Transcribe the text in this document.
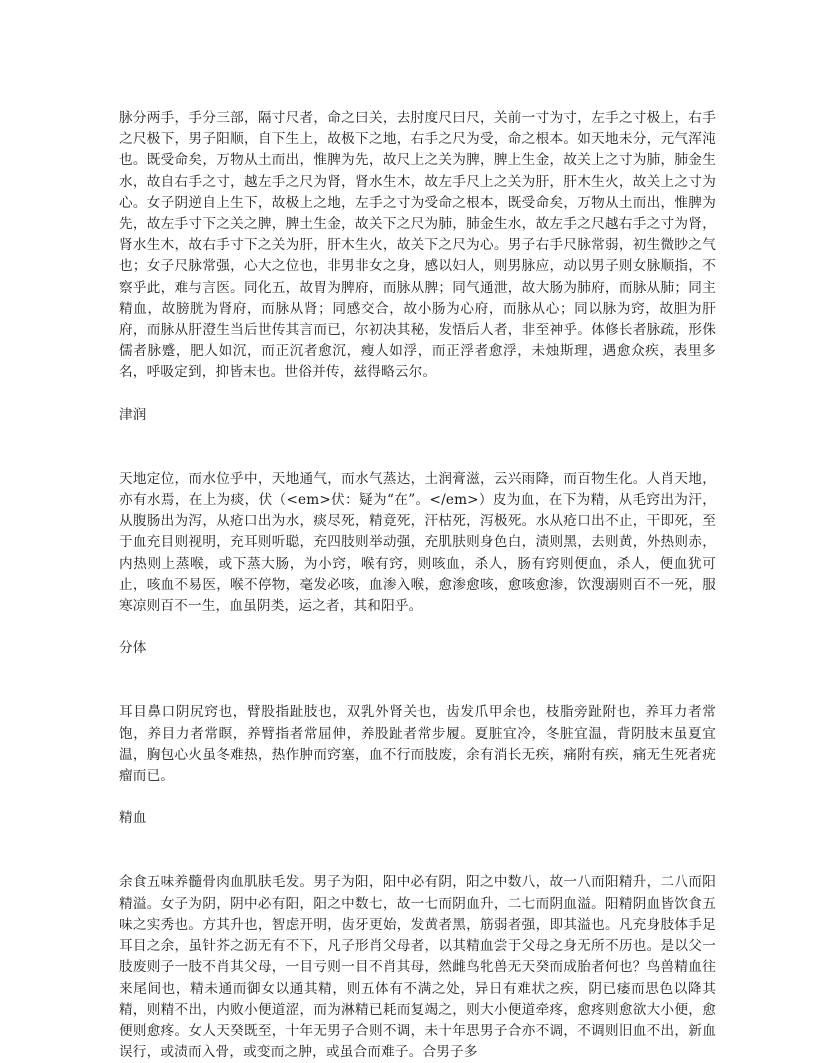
脉分两手，手分三部，隔寸尺者，命之曰关，去肘度尺曰尺，关前一寸为寸，左手之寸极上，右手之尺极下，男子阳顺，自下生上，故极下之地，右手之尺为受，命之根本。如天地未分，元气浑沌也。既受命矣，万物从土而出，惟脾为先，故尺上之关为脾，脾上生金，故关上之寸为肺，肺金生水，故自右手之寸，越左手之尺为肾，肾水生木，故左手尺上之关为肝，肝木生火，故关上之寸为心。女子阴逆自上生下，故极上之地，左手之寸为受命之根本，既受命矣，万物从土而出，惟脾为先，故左手寸下之关之脾，脾土生金，故关下之尺为肺，肺金生水，故左手之尺越右手之寸为肾，肾水生木，故右手寸下之关为肝，肝木生火，故关下之尺为心。男子右手尺脉常弱，初生微眇之气也；女子尺脉常强，心大之位也，非男非女之身，感以妇人，则男脉应，动以男子则女脉顺指，不察乎此，难与言医。同化五，故胃为脾府，而脉从脾；同气通泄，故大肠为肺府，而脉从肺；同主精血，故膀胱为肾府，而脉从肾；同感交合，故小肠为心府，而脉从心；同以脉为窍，故胆为肝府，而脉从肝澄生当后世传其言而已，尔初决其秘，发悟后人者，非至神乎。体修长者脉疏，形侏儒者脉蹙，肥人如沉，而正沉者愈沉，瘦人如浮，而正浮者愈浮，未烛斯理，遇愈众疾，表里多名，呼吸定到，抑皆末也。世俗并传，兹得略云尔。

津润

天地定位，而水位乎中，天地通气，而水气蒸达，土润膏滋，云兴雨降，而百物生化。人肖天地，亦有水焉，在上为痰，伏（<em>伏：疑为“在”。</em>）皮为血，在下为精，从毛窍出为汗，从腹肠出为泻，从疮口出为水，痰尽死，精竟死，汗枯死，泻极死。水从疮口出不止，干即死，至于血充目则视明，充耳则听聪，充四肢则举动强，充肌肤则身色白，渍则黑，去则黄，外热则赤，内热则上蒸喉，或下蒸大肠，为小窍，喉有窍，则咳血，杀人，肠有窍则便血，杀人，便血犹可止，咳血不易医，喉不停物，毫发必咳，血渗入喉，愈渗愈咳，愈咳愈渗，饮溲溺则百不一死，服寒凉则百不一生，血虽阴类，运之者，其和阳乎。

分体

耳目鼻口阴尻窍也，臂股指趾肢也，双乳外肾关也，齿发爪甲余也，枝脂旁趾附也，养耳力者常饱，养目力者常瞑，养臂指者常屈伸，养股趾者常步履。夏脏宜冷，冬脏宜温，背阴肢末虽夏宜温，胸包心火虽冬难热，热作肿而窍塞，血不行而肢废，余有消长无疾，痛附有疾，痛无生死者疣瘤而已。

精血

余食五味养髓骨肉血肌肤毛发。男子为阳，阳中必有阴，阳之中数八，故一八而阳精升，二八而阳精溢。女子为阴，阴中必有阳，阳之中数七，故一七而阴血升，二七而阴血溢。阳精阴血皆饮食五味之实秀也。方其升也，智虑开明，齿牙更始，发黄者黑，筋弱者强，即其溢也。凡充身肢体手足耳目之余，虽针芥之沥无有不下，凡子形肖父母者，以其精血尝于父母之身无所不历也。是以父一肢废则子一肢不肖其父母，一目亏则一目不肖其母，然雌鸟牝兽无天癸而成胎者何也？鸟兽精血往来尾间也，精未通而御女以通其精，则五体有不满之处，异日有难状之疾，阴已痿而思色以降其精，则精不出，内败小便道涩，而为淋精已耗而复竭之，则大小便道牵疼，愈疼则愈欲大小便，愈便则愈疼。女人天癸既至，十年无男子合则不调，未十年思男子合亦不调，不调则旧血不出，新血误行，或渍而入骨，或变而之肿，或虽合而难子。合男子多
